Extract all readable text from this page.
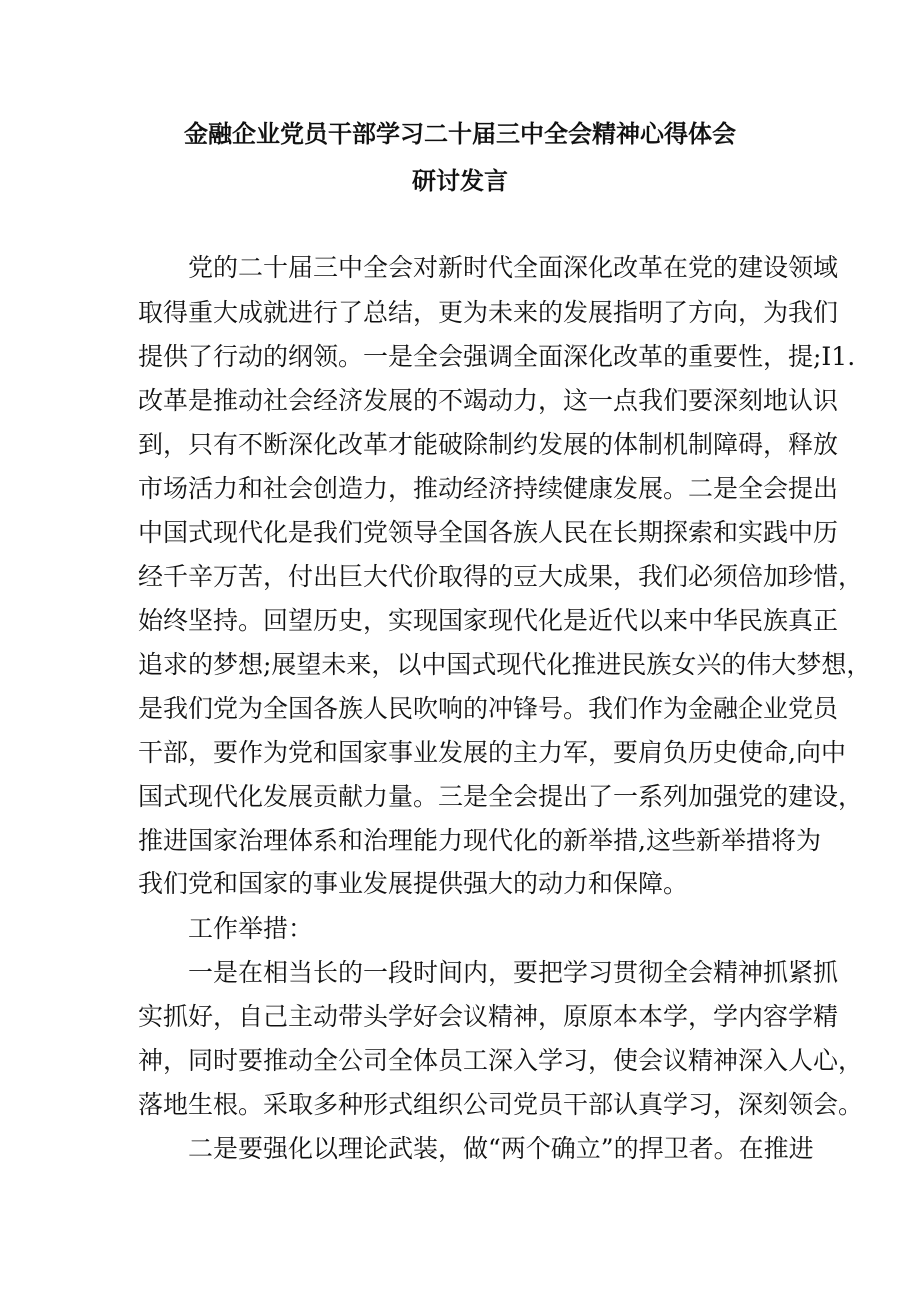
金融企业党员干部学习二十届三中全会精神心得体会
研讨发言
党的二十届三中全会对新时代全面深化改革在党的建设领域
取得重大成就进行了总结，更为未来的发展指明了方向，为我们
提供了行动的纲领。一是全会强调全面深化改革的重要性，提;I1.
改革是推动社会经济发展的不竭动力，这一点我们要深刻地认识
到，只有不断深化改革才能破除制约发展的体制机制障碍，释放
市场活力和社会创造力，推动经济持续健康发展。二是全会提出
中国式现代化是我们党领导全国各族人民在长期探索和实践中历
经千辛万苦，付出巨大代价取得的豆大成果，我们必须倍加珍惜，
始终坚持。回望历史，实现国家现代化是近代以来中华民族真正
追求的梦想;展望未来，以中国式现代化推进民族女兴的伟大梦想，
是我们党为全国各族人民吹响的冲锋号。我们作为金融企业党员
干部，要作为党和国家事业发展的主力军，要肩负历史使命,向中
国式现代化发展贡献力量。三是全会提出了一系列加强党的建设，
推进国家治理体系和治理能力现代化的新举措,这些新举措将为
我们党和国家的事业发展提供强大的动力和保障。
工作举措：
一是在相当长的一段时间内，要把学习贯彻全会精神抓紧抓
实抓好，自己主动带头学好会议精神，原原本本学，学内容学精
神，同时要推动全公司全体员工深入学习，使会议精神深入人心，
落地生根。采取多种形式组织公司党员干部认真学习，深刻领会。
二是要强化以理论武装，做“两个确立”的捍卫者。在推进
